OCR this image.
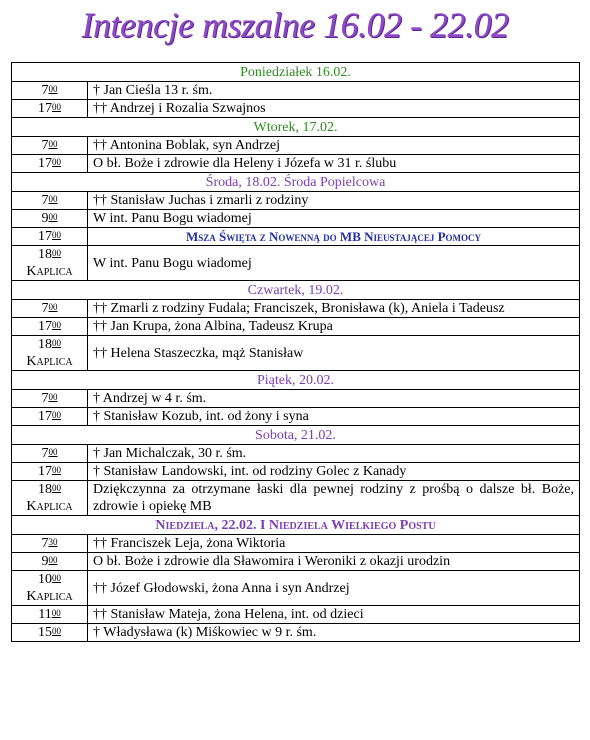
Intencje mszalne 16.02 - 22.02
Poniedziałek 16.02.	
$7^{00}$	† Jan Cieśla 13 r. śm.
$17^{00}$	†† Andrzej i Rozalia Szwajnos
Wtorek, 17.02.	
$7^{00}$	†† Antonina Boblak, syn Andrzej
$17^{00}$	O bł. Boże i zdrowie dla Heleny i Józefa w 31 r. ślubu
Środa, 18.02. Środa Popielcowa	
$7^{00}$	†† Stanisław Juchas i zmarli z rodziny
$9^{00}$	W int. Panu Bogu wiadomej
$17^{00}$	Msza Święta z Nowenną do MB Nieustającej Pomocy
$18^{00}$
Kaplica	W int. Panu Bogu wiadomej
Czwartek, 19.02.	
$7^{00}$	†† Zmarli z rodziny Fudala; Franciszek, Bronisława (k), Aniela i Tadeusz
$17^{00}$	†† Jan Krupa, żona Albina, Tadeusz Krupa
$18^{00}$
Kaplica	†† Helena Staszeczka, mąż Stanisław
Piątek, 20.02.	
$7^{00}$	† Andrzej w 4 r. śm.
$17^{00}$	† Stanisław Kozub, int. od żony i syna
Sobota, 21.02.	
$7^{00}$	† Jan Michalczak, 30 r. śm.
$17^{00}$	† Stanisław Landowski, int. od rodziny Golec z Kanady
$18^{00}$
Kaplica	Dziękczynna za otrzymane łaski dla pewnej rodziny z prośbą o dalsze bł. Boże, zdrowie i opiekę MB
Niedziela, 22.02. I Niedziela Wielkiego Postu	
$7^{30}$	†† Franciszek Leja, żona Wiktoria
$9^{00}$	O bł. Boże i zdrowie dla Sławomira i Weroniki z okazji urodzin
$10^{00}$
Kaplica	†† Józef Głodowski, żona Anna i syn Andrzej
$11^{00}$	†† Stanisław Mateja, żona Helena, int. od dzieci
$15^{00}$	† Władysława (k) Miśkowiec w 9 r. śm.
